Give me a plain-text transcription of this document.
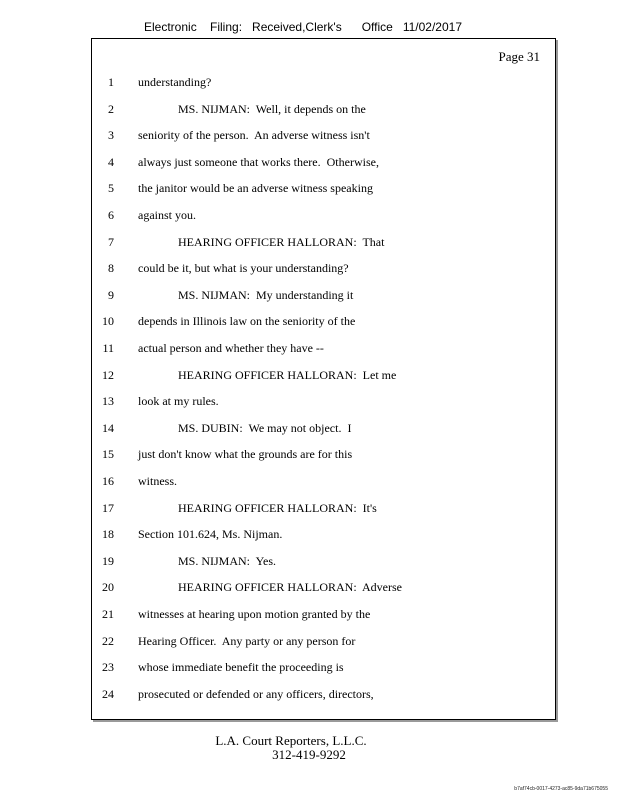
Electronic    Filing:   Received,Clerk's      Office   11/02/2017
Page 31
1 understanding?
2	MS. NIJMAN:  Well, it depends on the
3 seniority of the person.  An adverse witness isn't
4 always just someone that works there.  Otherwise,
5 the janitor would be an adverse witness speaking
6 against you.
7	HEARING OFFICER HALLORAN:  That
8 could be it, but what is your understanding?
9	MS. NIJMAN:  My understanding it
10 depends in Illinois law on the seniority of the
11 actual person and whether they have --
12	HEARING OFFICER HALLORAN:  Let me
13 look at my rules.
14	MS. DUBIN:  We may not object.  I
15 just don't know what the grounds are for this
16 witness.
17	HEARING OFFICER HALLORAN:  It's
18 Section 101.624, Ms. Nijman.
19	MS. NIJMAN:  Yes.
20	HEARING OFFICER HALLORAN:  Adverse
21 witnesses at hearing upon motion granted by the
22 Hearing Officer.  Any party or any person for
23 whose immediate benefit the proceeding is
24 prosecuted or defended or any officers, directors,
L.A. Court Reporters, L.L.C.
312-419-9292
b7af74cb-0017-4273-ac85-9da71b675055
